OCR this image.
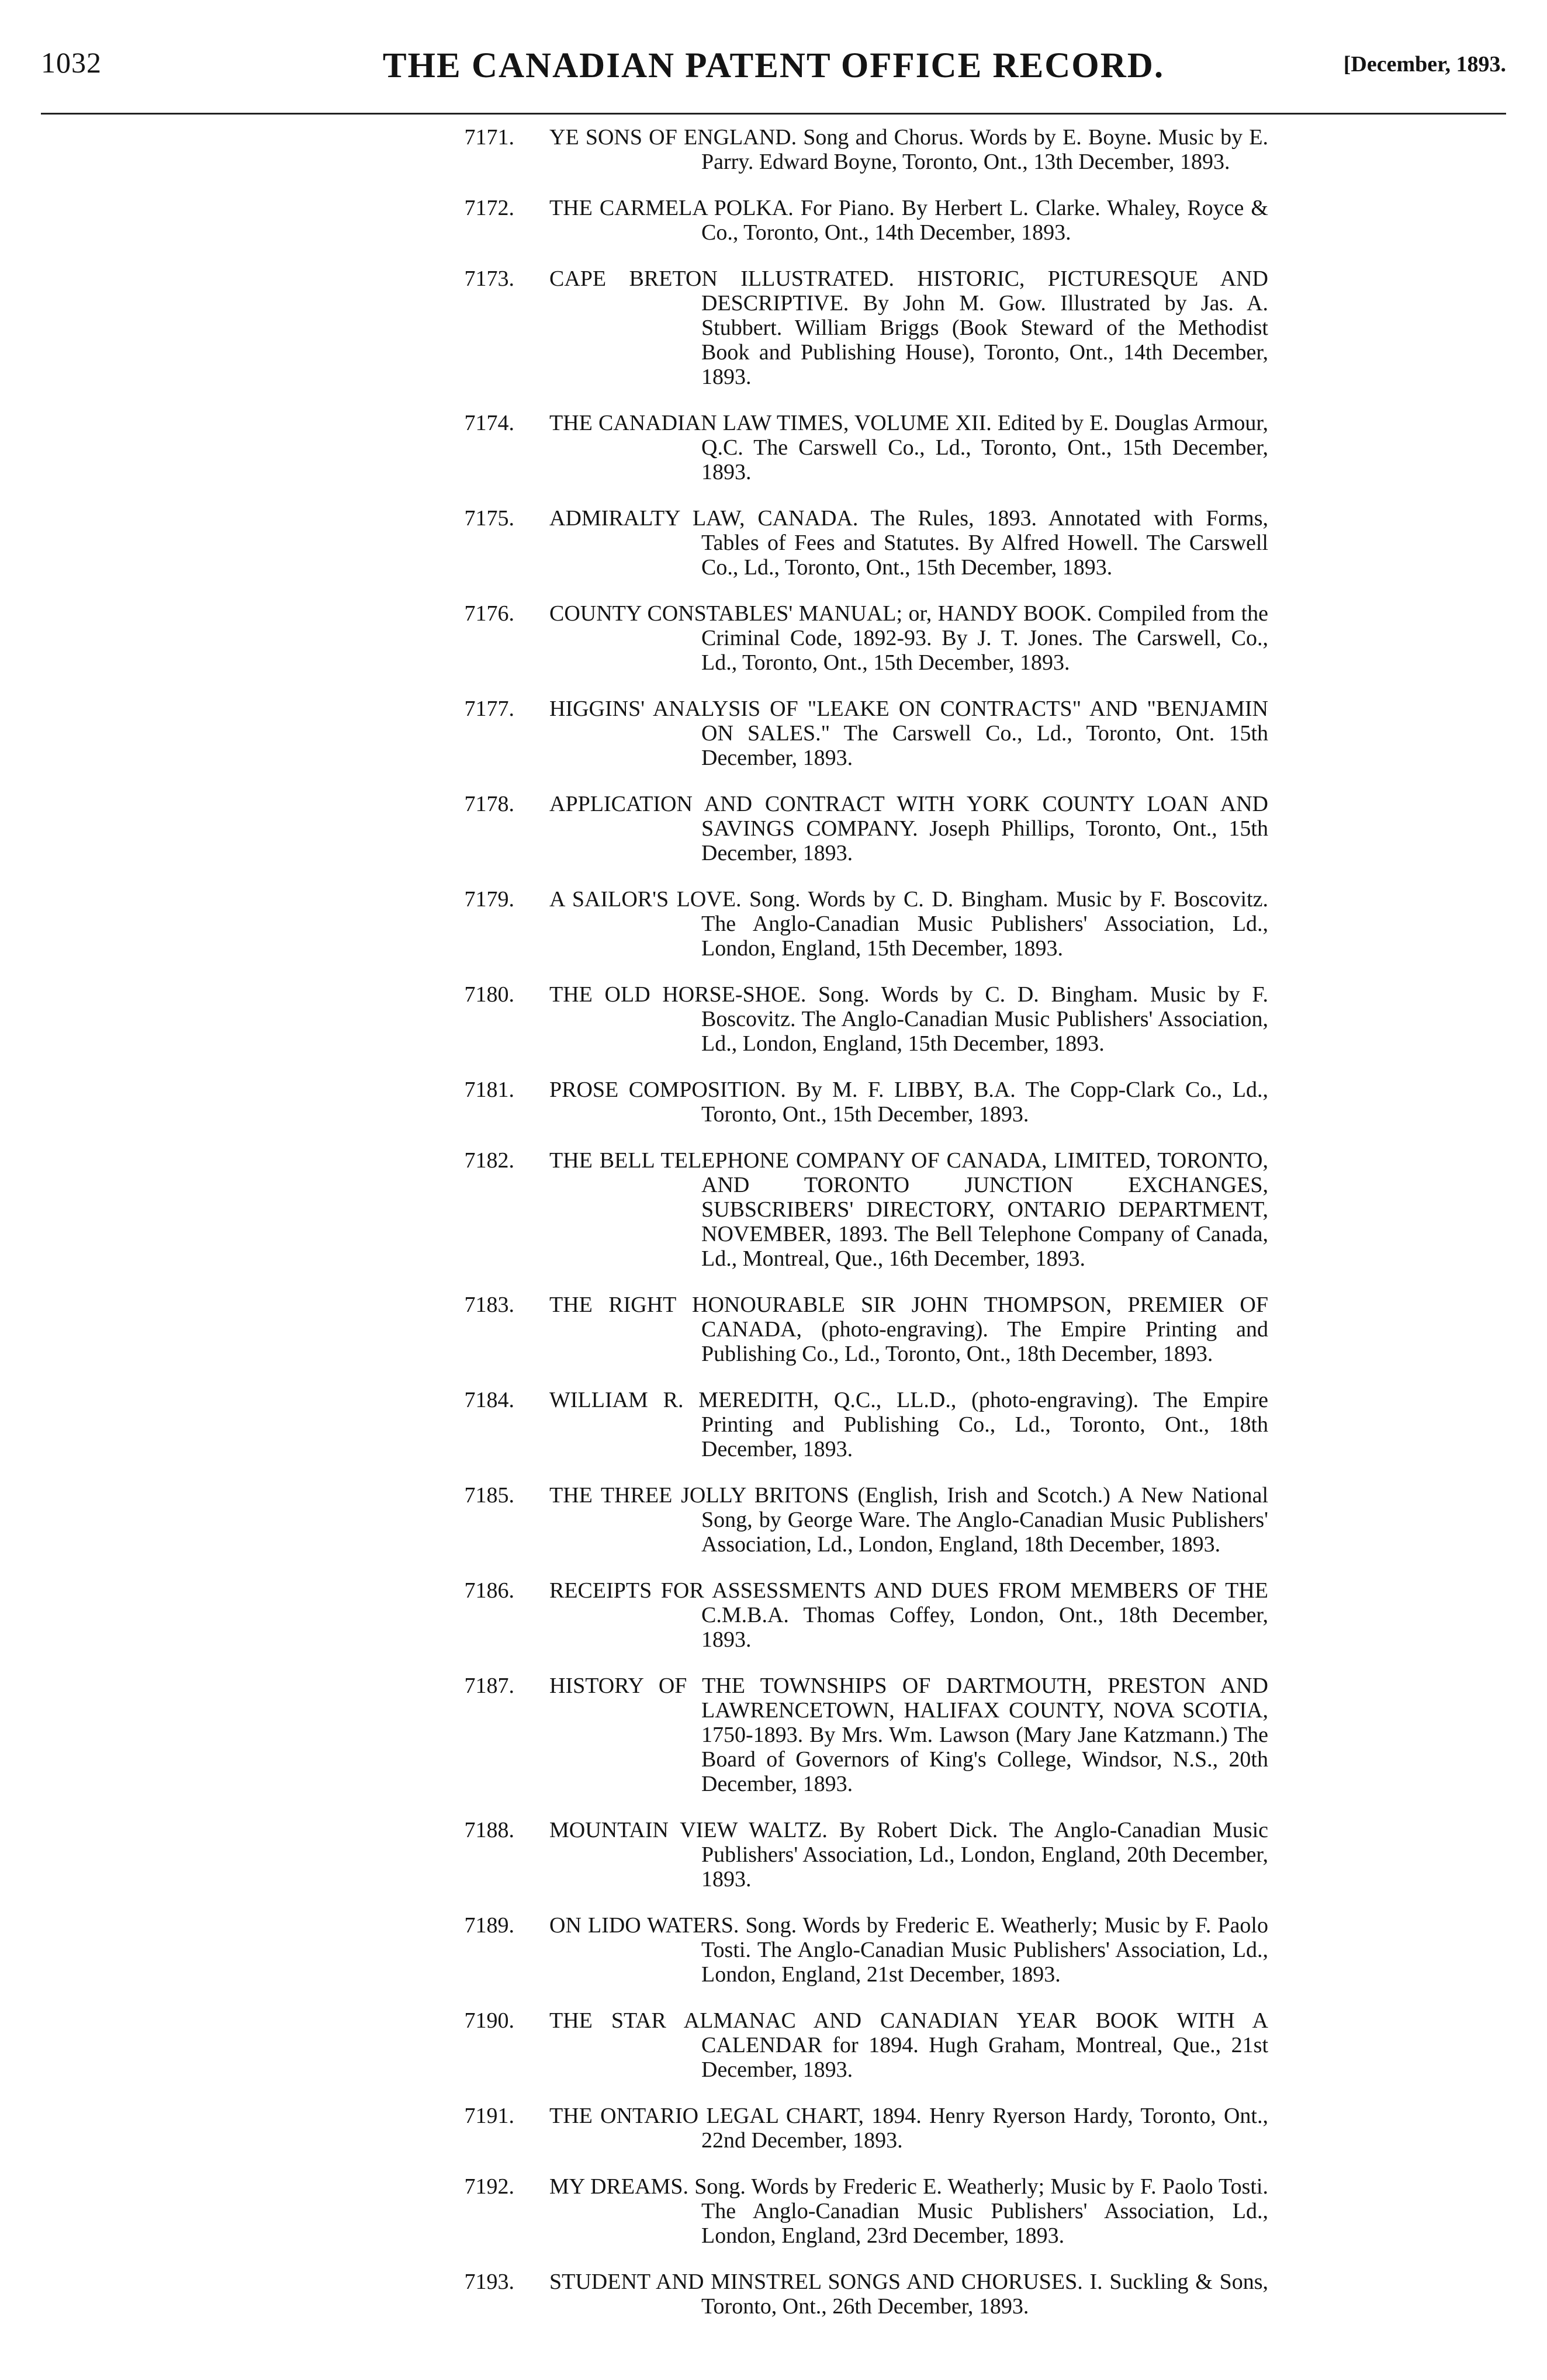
1032	THE CANADIAN PATENT OFFICE RECORD.	[December, 1893.
7171. YE SONS OF ENGLAND. Song and Chorus. Words by E. Boyne. Music by E. Parry. Edward Boyne, Toronto, Ont., 13th December, 1893.
7172. THE CARMELA POLKA. For Piano. By Herbert L. Clarke. Whaley, Royce & Co., Toronto, Ont., 14th December, 1893.
7173. CAPE BRETON ILLUSTRATED. HISTORIC, PICTURESQUE AND DESCRIPTIVE. By John M. Gow. Illustrated by Jas. A. Stubbert. William Briggs (Book Steward of the Methodist Book and Publishing House), Toronto, Ont., 14th December, 1893.
7174. THE CANADIAN LAW TIMES, VOLUME XII. Edited by E. Douglas Armour, Q.C. The Carswell Co., Ld., Toronto, Ont., 15th December, 1893.
7175. ADMIRALTY LAW, CANADA. The Rules, 1893. Annotated with Forms, Tables of Fees and Statutes. By Alfred Howell. The Carswell Co., Ld., Toronto, Ont., 15th December, 1893.
7176. COUNTY CONSTABLES' MANUAL; or, HANDY BOOK. Compiled from the Criminal Code, 1892-93. By J. T. Jones. The Carswell, Co., Ld., Toronto, Ont., 15th December, 1893.
7177. HIGGINS' ANALYSIS OF "LEAKE ON CONTRACTS" AND "BENJAMIN ON SALES." The Carswell Co., Ld., Toronto, Ont. 15th December, 1893.
7178. APPLICATION AND CONTRACT WITH YORK COUNTY LOAN AND SAVINGS COMPANY. Joseph Phillips, Toronto, Ont., 15th December, 1893.
7179. A SAILOR'S LOVE. Song. Words by C. D. Bingham. Music by F. Boscovitz. The Anglo-Canadian Music Publishers' Association, Ld., London, England, 15th December, 1893.
7180. THE OLD HORSE-SHOE. Song. Words by C. D. Bingham. Music by F. Boscovitz. The Anglo-Canadian Music Publishers' Association, Ld., London, England, 15th December, 1893.
7181. PROSE COMPOSITION. By M. F. LIBBY, B.A. The Copp-Clark Co., Ld., Toronto, Ont., 15th December, 1893.
7182. THE BELL TELEPHONE COMPANY OF CANADA, LIMITED, TORONTO, AND TORONTO JUNCTION EXCHANGES, SUBSCRIBERS' DIRECTORY, ONTARIO DEPARTMENT, NOVEMBER, 1893. The Bell Telephone Company of Canada, Ld., Montreal, Que., 16th December, 1893.
7183. THE RIGHT HONOURABLE SIR JOHN THOMPSON, PREMIER OF CANADA, (photo-engraving). The Empire Printing and Publishing Co., Ld., Toronto, Ont., 18th December, 1893.
7184. WILLIAM R. MEREDITH, Q.C., LL.D., (photo-engraving). The Empire Printing and Publishing Co., Ld., Toronto, Ont., 18th December, 1893.
7185. THE THREE JOLLY BRITONS (English, Irish and Scotch.) A New National Song, by George Ware. The Anglo-Canadian Music Publishers' Association, Ld., London, England, 18th December, 1893.
7186. RECEIPTS FOR ASSESSMENTS AND DUES FROM MEMBERS OF THE C.M.B.A. Thomas Coffey, London, Ont., 18th December, 1893.
7187. HISTORY OF THE TOWNSHIPS OF DARTMOUTH, PRESTON AND LAWRENCETOWN, HALIFAX COUNTY, NOVA SCOTIA, 1750-1893. By Mrs. Wm. Lawson (Mary Jane Katzmann.) The Board of Governors of King's College, Windsor, N.S., 20th December, 1893.
7188. MOUNTAIN VIEW WALTZ. By Robert Dick. The Anglo-Canadian Music Publishers' Association, Ld., London, England, 20th December, 1893.
7189. ON LIDO WATERS. Song. Words by Frederic E. Weatherly; Music by F. Paolo Tosti. The Anglo-Canadian Music Publishers' Association, Ld., London, England, 21st December, 1893.
7190. THE STAR ALMANAC AND CANADIAN YEAR BOOK WITH A CALENDAR for 1894. Hugh Graham, Montreal, Que., 21st December, 1893.
7191. THE ONTARIO LEGAL CHART, 1894. Henry Ryerson Hardy, Toronto, Ont., 22nd December, 1893.
7192. MY DREAMS. Song. Words by Frederic E. Weatherly; Music by F. Paolo Tosti. The Anglo-Canadian Music Publishers' Association, Ld., London, England, 23rd December, 1893.
7193. STUDENT AND MINSTREL SONGS AND CHORUSES. I. Suckling & Sons, Toronto, Ont., 26th December, 1893.
